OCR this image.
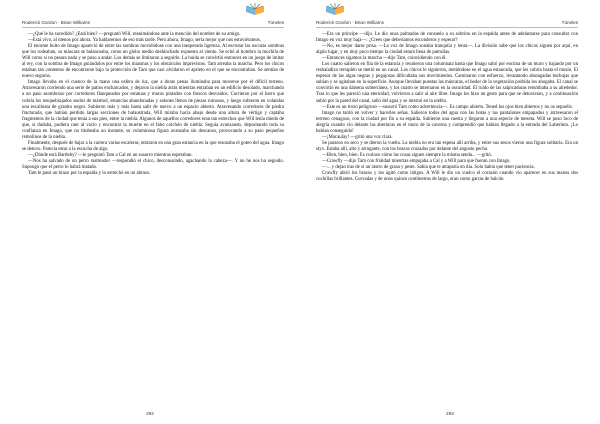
Roderick Gordon · Brian Williams	Túneles

—¿Qué le ha sucedido? ¿Está bien? —preguntó Will, reanimándose ante la mención del nombre de su amigo.

—Está vivo, al menos por ahora. Ya hablaremos de eso más tarde. Pero ahora, Imago, sería mejor que nos estuviéramos.

El enorme bulto de Imago apareció de entre las sombras moviéndose con una inesperada ligereza. Al escrutar las oscuras sombras que los rodeaban, su máscara se balanceaba, como un globo medio deshinchado expuesto al viento. Se echó al hombro la mochila de Will como si no pesara nada y se puso a andar. Los demás se limitaron a seguirle. La huida se convirtió entonces en un juego de imitar al rey, con la sombra de Imago guiándolos por entre los miasmas y los obstáculos imprevistos. Tam arreaba la marcha. Pero los chicos estaban tan contentos de encontrarse bajo la protección de Tam que casi olvidaron el aprieto en el que se encontraban. Se sentían de nuevo seguros.

Imago llevaba en el cuenco de la mano una esfera de luz, que a duras penas iluminaba para moverse por el difícil terreno. Atravesaron corriendo una serie de patios encharcados, y dejaron la niebla atrás mientras entraban en un edificio desolado, marchando a un paso asombroso por corredores flanqueados por estatuas y muros pintados con frescos desvaídos. Corrieron por el barro que cubría los resquebrajados suelos de mármol, estancias abandonadas y salones llenos de piezas ruinosas, y luego subieron en volandas una escalinata de granito negro. Subieron más y más hasta salir de nuevo a un espacio abierto. Atravesando corredores de piedra fracturada, que habían perdido largas secciones de balaustrada, Will miraba hacia abajo desde una altura de vértigo y captaba fragmentos de la ciudad que tenía a sus pies, entre la niebla. Algunos de aquellos corredores eran tan estrechos que Will tenía miedo de que, si dudaba, pudiera caer al vacío y encontrar la muerte en el fabo colchón de niebla. Seguía avanzando, depositando toda su confianza en Imago, que no titubeaba un instante, su voluminosa figura avanzaba sin descanso, provocando a su paso pequeños remolinos de la niebla.

Finalmente, después de bajar a la carrera varias escaleras, entraron en una gran estancia en la que resonaba el goteo del agua. Imago se detuvo. Parecía estar a la escucha de algo.

—¿Dónde está Bartleby? —le preguntó Tam a Cal en un susurro mientras esperaban.

—Nos ha salvado de un perro rastreador —respondió el chico, desconsolado, agachando la cabeza—. Y no he nos ha seguido. Supongo que el perro lo habrá matado.

Tam le pasó un brazo por la espalda y lo estrechó en un abrazo.

292
Roderick Gordon · Brian Williams	Túneles

—Era un príncipe —dijo. Le dio unas palmadas de consuelo a su sobrino en la espalda antes de adelantarse para consultar con Imago en voz muy baja—: ¿Crees que deberíamos esconderos y esperar?

—No, es mejor darse prisa. —La voz de Imago sonaba tranquila y lenta—. La división sabe que los chicos siguen por aquí, en algún lugar, y en muy poco tiempo la ciudad estará llena de patrullas.

—Entonces sigamos la marcha —dijo Tam, coincidiendo con él.

Los cuatro salieron en fila de la estancia y reunieron una columnata hasta que Imago saltó por encima de un muro y bajando por un resbaladizo terraplén se metió en un canal. Los chicos le siguieron, metiéndose en el agua estancada, que les cubría hasta el muslo. El espesor de las algas negras y pegajosas dificultaba sus movimientos. Caminaron con esfuerzo, levantando abotagadas burbujas que subían y se agitaban en la superficie. Aunque llevaban puestas las máscaras, el hedor de la vegetación podrida los ahogaba. El canal se convirtió en una dársena subterránea, y los cuatro se internaron en la oscuridad. El ruido de las salpicaduras retumbaba a su alrededor. Tras lo que les pareció una eternidad, volvieron a salir al aire libre. Imago les hizo un gesto para que se detuvieran, y a continuación subió por la pared del canal, salió del agua y se internó en la niebla.

—Este es un trozo peligroso —susurró Tam como advertencia—. Es campo abierto. Tened los ojos bien abiertos y no os separéis.

Imago no tardó en volver y hacerles señas. Salieron todos del agua con las botas y los pantalones empapados y atravesaron el terreno cenagoso, con la ciudad por fin a su espalda. Subieron una cuesta y llegaron a una especie de meseta. Will se puso loco de alegría cuando vio delante las aberturas en el muro de la caverna y comprendió que habían llegado a la entrada del Laberinto. ¡Lo habían conseguido!

—¡Macaulay! —gritó una voz clara.

Se pararon en seco y se dieron la vuelta. La niebla no era tan espesa allí arriba, y entre sus sesos vieron una figura solitaria. Era un styx. Estaba allí, alto y arrogante, con los brazos cruzados por delante del angosto pecho.

—Bien, bien, bien. Es curioso cómo las cosas siguen siempre la misma senda... —gritó.

—Crawfly —dijo Tam con frialdad mientras empujaba a Cal y a Will para que fueran con Imago.

—... y dejan tras de sí un rastro de grasa y peste. Sabía que te atraparía un día. Solo había que tener paciencia.

Crawfly abrió los brazos y los agitó como látigos. A Will le dio un vuelco el corazón cuando vio aparecer en sus manos dos cuchillas brillantes. Curvadas y de unos quince centímetros de largo, eran como garras de halcón.

293
